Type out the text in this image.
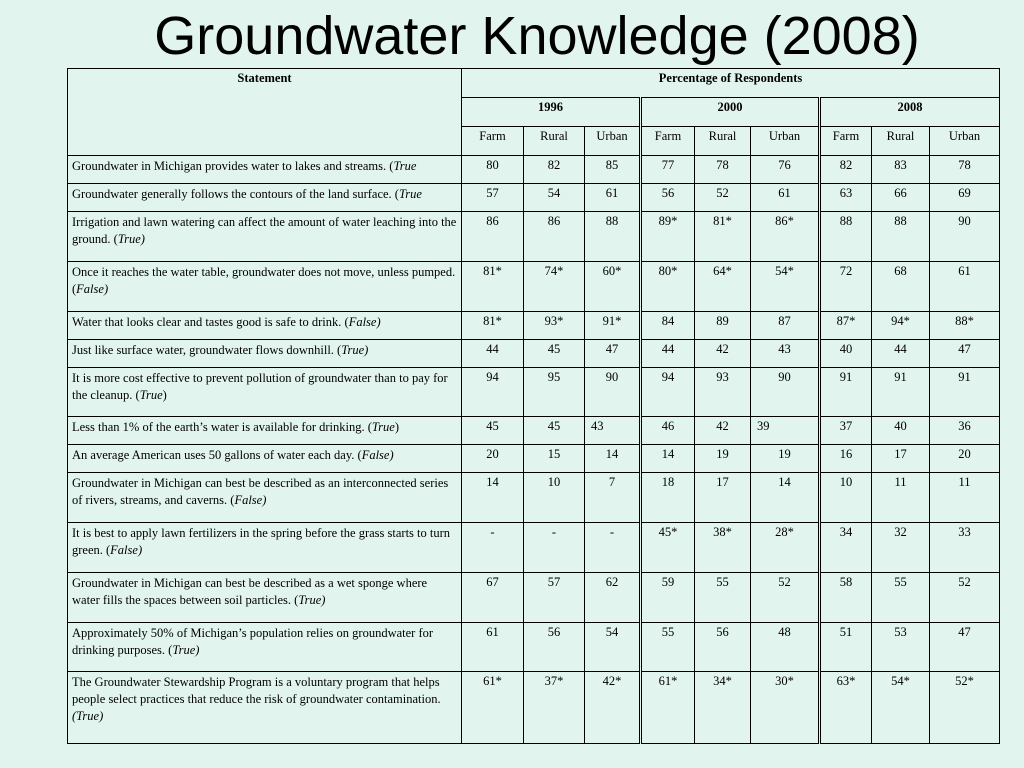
Groundwater Knowledge (2008)
Statement	Percentage of Respondents								
	1996			2000			2008		
	Farm	Rural	Urban	Farm	Rural	Urban	Farm	Rural	Urban
Groundwater in Michigan provides water to lakes and streams. (True	80	82	85	77	78	76	82	83	78
Groundwater generally follows the contours of the land surface. (True	57	54	61	56	52	61	63	66	69
Irrigation and lawn watering can affect the amount of water leaching into the ground. (True)	86	86	88	89*	81*	86*	88	88	90
Once it reaches the water table, groundwater does not move, unless pumped. (False)	81*	74*	60*	80*	64*	54*	72	68	61
Water that looks clear and tastes good is safe to drink. (False)	81*	93*	91*	84	89	87	87*	94*	88*
Just like surface water, groundwater flows downhill. (True)	44	45	47	44	42	43	40	44	47
It is more cost effective to prevent pollution of groundwater than to pay for the cleanup. (True)	94	95	90	94	93	90	91	91	91
Less than 1% of the earth’s water is available for drinking. (True)	45	45	43	46	42	39	37	40	36
An average American uses 50 gallons of water each day. (False)	20	15	14	14	19	19	16	17	20
Groundwater in Michigan can best be described as an interconnected series of rivers, streams, and caverns. (False)	14	10	7	18	17	14	10	11	11
It is best to apply lawn fertilizers in the spring before the grass starts to turn green. (False)	-	-	-	45*	38*	28*	34	32	33
Groundwater in Michigan can best be described as a wet sponge where water fills the spaces between soil particles. (True)	67	57	62	59	55	52	58	55	52
Approximately 50% of Michigan’s population relies on groundwater for drinking purposes. (True)	61	56	54	55	56	48	51	53	47
The Groundwater Stewardship Program is a voluntary program that helps people select practices that reduce the risk of groundwater contamination. (True)	61*	37*	42*	61*	34*	30*	63*	54*	52*
